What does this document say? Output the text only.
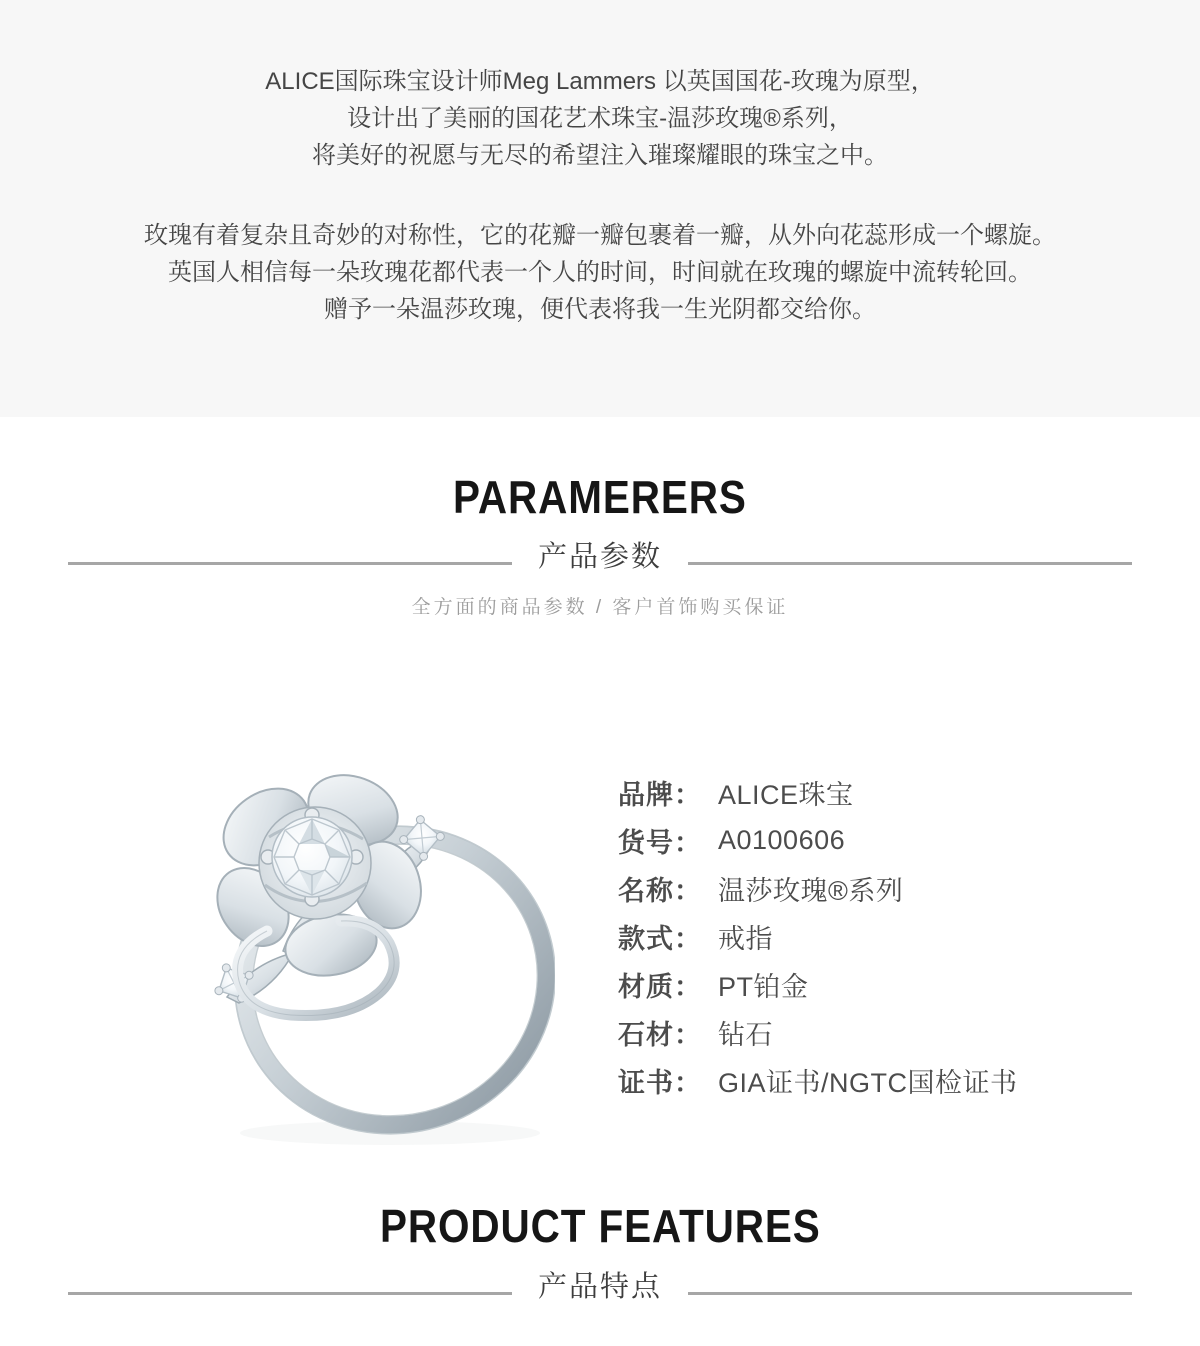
ALICE国际珠宝设计师Meg Lammers 以英国国花-玫瑰为原型，
设计出了美丽的国花艺术珠宝-温莎玫瑰®系列，
将美好的祝愿与无尽的希望注入璀璨耀眼的珠宝之中。
玫瑰有着复杂且奇妙的对称性，它的花瓣一瓣包裹着一瓣，从外向花蕊形成一个螺旋。
英国人相信每一朵玫瑰花都代表一个人的时间，时间就在玫瑰的螺旋中流转轮回。
赠予一朵温莎玫瑰，便代表将我一生光阴都交给你。
PARAMERERS
产品参数
全方面的商品参数 / 客户首饰购买保证
品牌： ALICE珠宝
货号： A0100606
名称： 温莎玫瑰®系列
款式： 戒指
材质： PT铂金
石材： 钻石
证书： GIA证书/NGTC国检证书
PRODUCT FEATURES
产品特点
